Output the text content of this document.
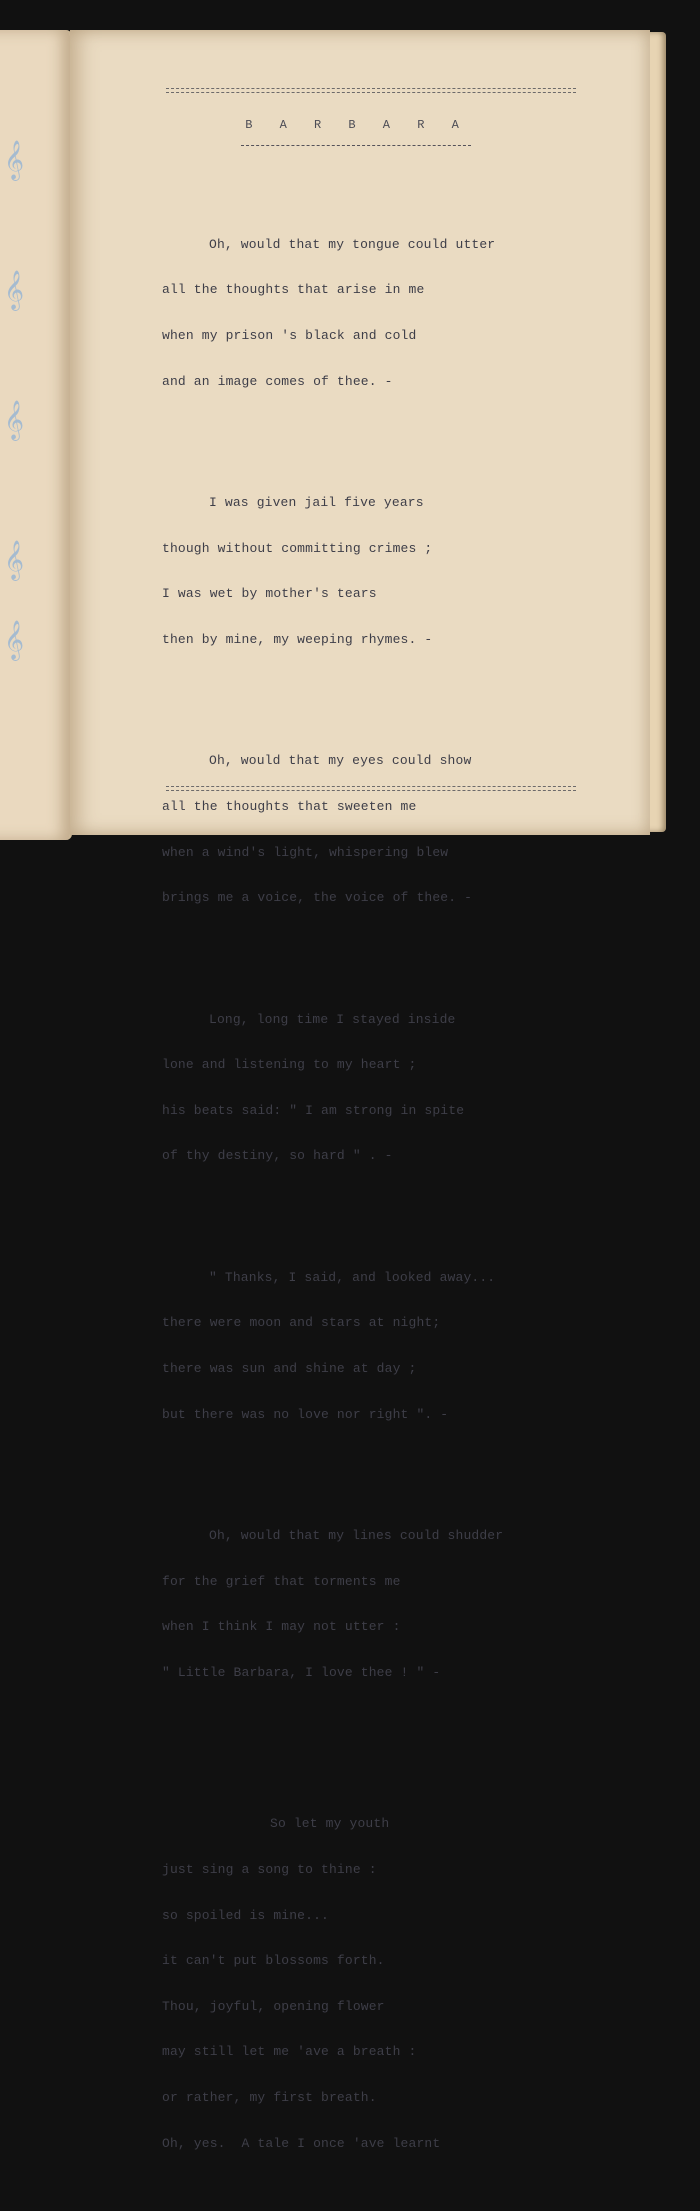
𝄞
𝄞
𝄞
𝄞
𝄞
B A R B A R A

Oh, would that my tongue could utter

all the thoughts that arise in me

when my prison 's black and cold

and an image comes of thee. -

I was given jail five years

though without committing crimes ;

I was wet by mother's tears

then by mine, my weeping rhymes. -

Oh, would that my eyes could show

all the thoughts that sweeten me

when a wind's light, whispering blew

brings me a voice, the voice of thee. -

Long, long time I stayed inside

lone and listening to my heart ;

his beats said: " I am strong in spite

of thy destiny, so hard " . -

" Thanks, I said, and looked away...

there were moon and stars at night;

there was sun and shine at day ;

but there was no love nor right ". -

Oh, would that my lines could shudder

for the grief that torments me

when I think I may not utter :

" Little Barbara, I love thee ! " -

So let my youth

just sing a song to thine :

so spoiled is mine...

it can't put blossoms forth.

Thou, joyful, opening flower

may still let me 'ave a breath :

or rather, my first breath.

Oh, yes.  A tale I once 'ave learnt
